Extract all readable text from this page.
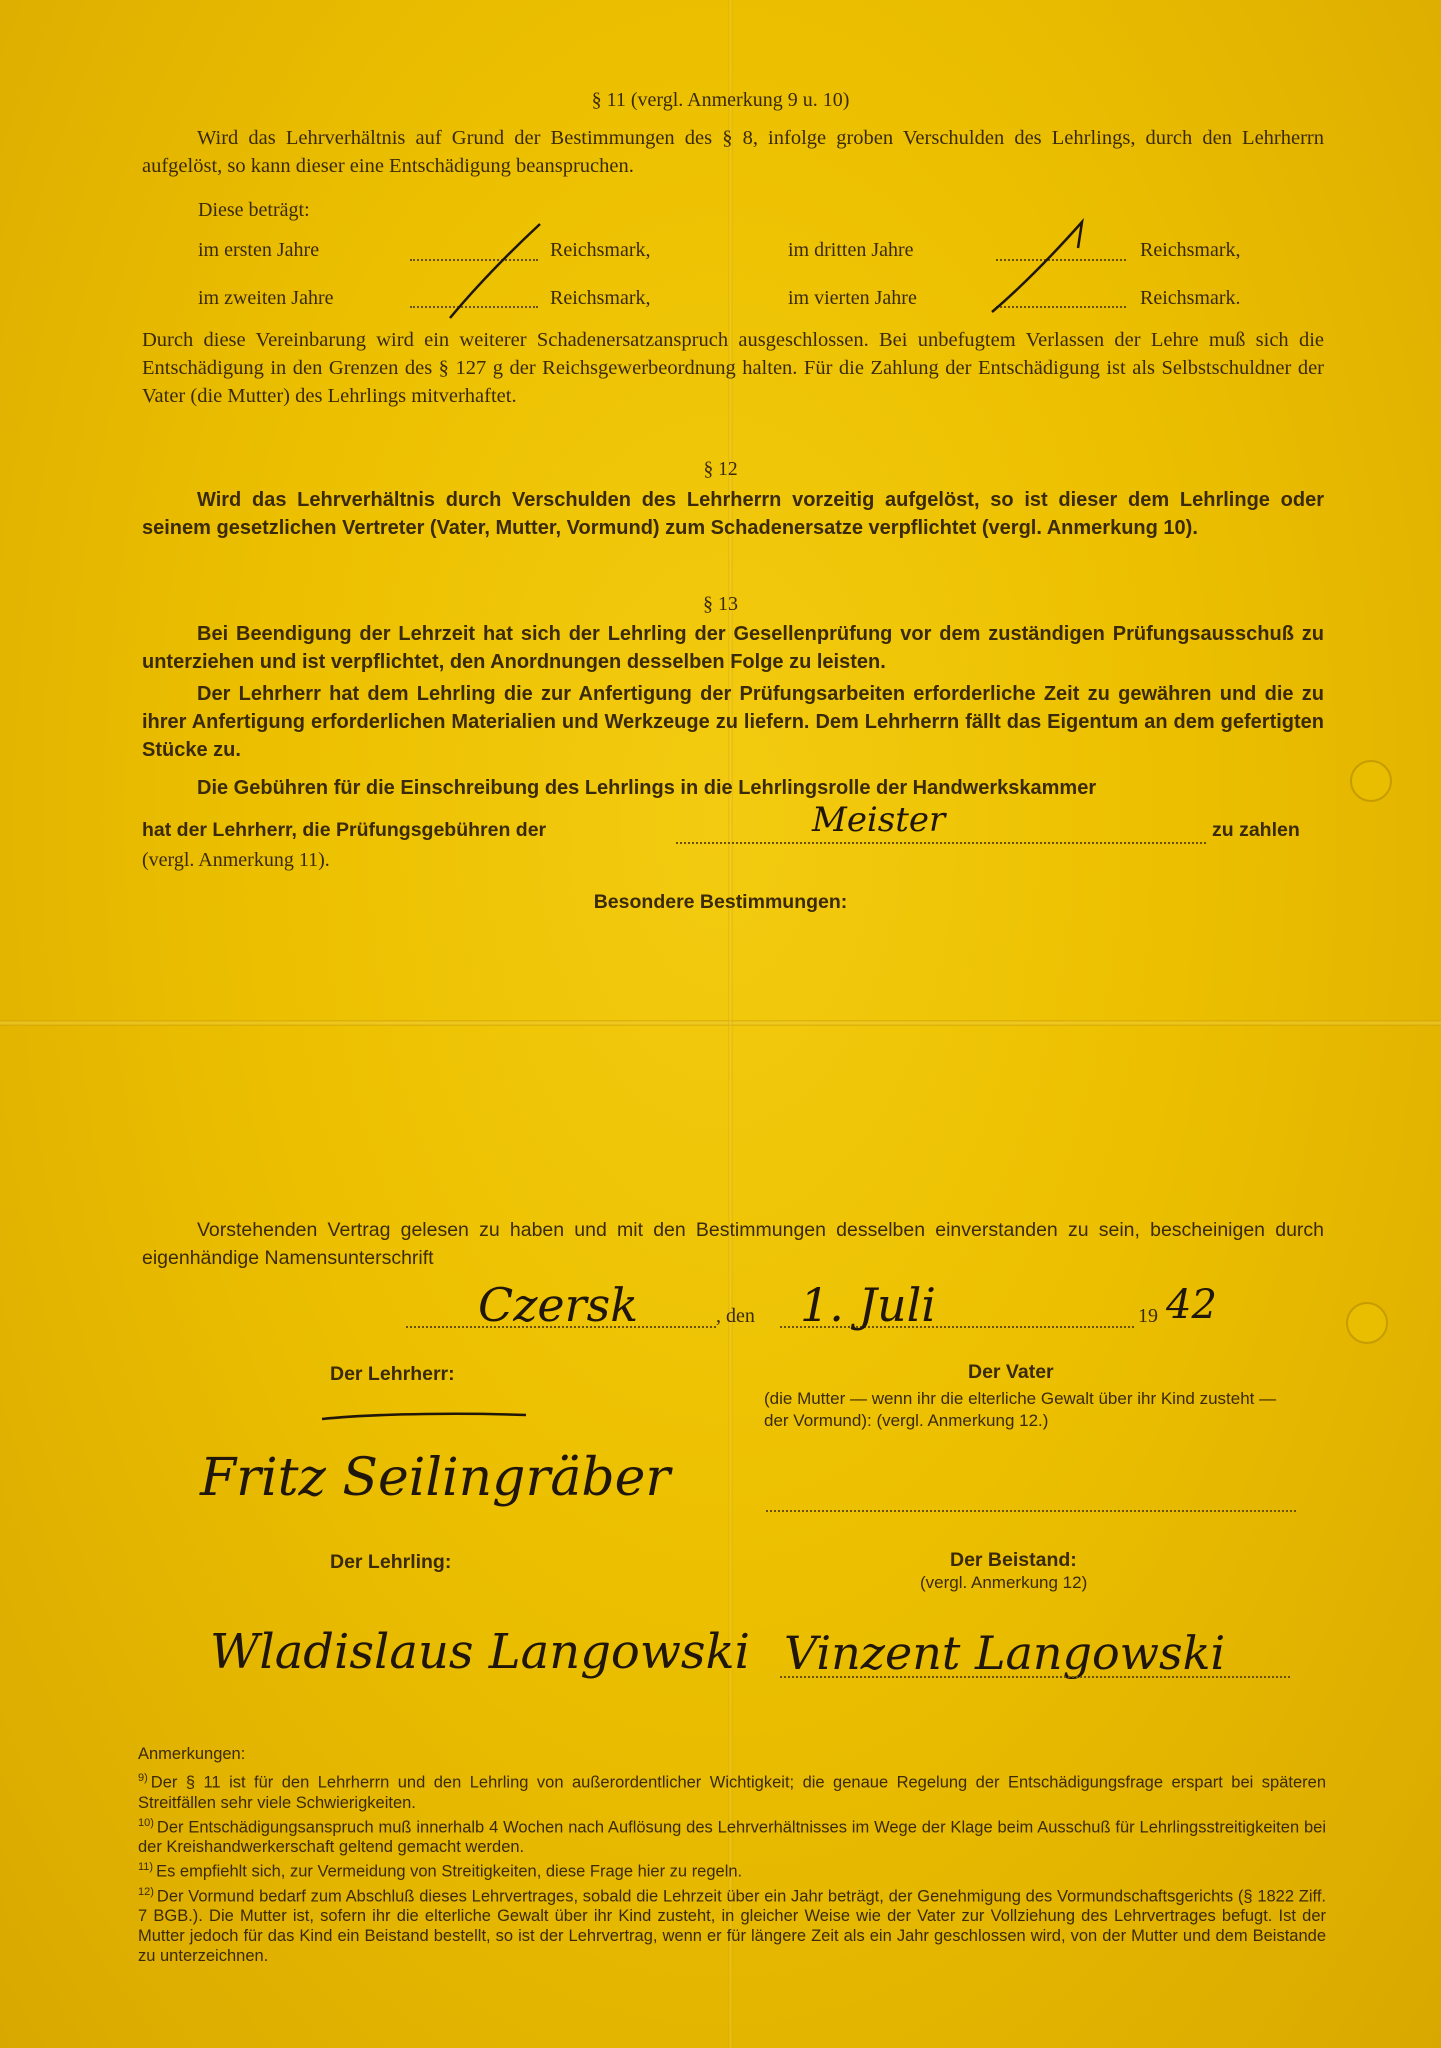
§ 11 (vergl. Anmerkung 9 u. 10)
Wird das Lehrverhältnis auf Grund der Bestimmungen des § 8, infolge groben Verschulden des Lehrlings, durch den Lehrherrn aufgelöst, so kann dieser eine Entschädigung beanspruchen.
Diese beträgt:
im ersten Jahre	Reichsmark,	im dritten Jahre	Reichsmark,
im zweiten Jahre	Reichsmark,	im vierten Jahre	Reichsmark.
Durch diese Vereinbarung wird ein weiterer Schadenersatzanspruch ausgeschlossen. Bei unbefugtem Verlassen der Lehre muß sich die Entschädigung in den Grenzen des § 127 g der Reichsgewerbeordnung halten. Für die Zahlung der Entschädigung ist als Selbstschuldner der Vater (die Mutter) des Lehrlings mitverhaftet.
§ 12
Wird das Lehrverhältnis durch Verschulden des Lehrherrn vorzeitig aufgelöst, so ist dieser dem Lehrlinge oder seinem gesetzlichen Vertreter (Vater, Mutter, Vormund) zum Schadenersatze verpflichtet (vergl. Anmerkung 10).
§ 13
Bei Beendigung der Lehrzeit hat sich der Lehrling der Gesellenprüfung vor dem zuständigen Prüfungsausschuß zu unterziehen und ist verpflichtet, den Anordnungen desselben Folge zu leisten.
Der Lehrherr hat dem Lehrling die zur Anfertigung der Prüfungsarbeiten erforderliche Zeit zu gewähren und die zu ihrer Anfertigung erforderlichen Materialien und Werkzeuge zu liefern. Dem Lehrherrn fällt das Eigentum an dem gefertigten Stücke zu.
Die Gebühren für die Einschreibung des Lehrlings in die Lehrlingsrolle der Handwerkskammer
hat der Lehrherr, die Prüfungsgebühren der	Meister	zu zahlen
(vergl. Anmerkung 11).
Besondere Bestimmungen:
Vorstehenden Vertrag gelesen zu haben und mit den Bestimmungen desselben einverstanden zu sein, bescheinigen durch eigenhändige Namensunterschrift
Czersk	, den 1. Juli	19 42
Der Lehrherr:	Der Vater
(die Mutter — wenn ihr die elterliche Gewalt über ihr Kind zusteht — der Vormund): (vergl. Anmerkung 12.)
Fritz Seilingräber
Der Lehrling:	Der Beistand:
(vergl. Anmerkung 12)
Wladislaus Langowski Vinzent Langowski

Anmerkungen:

$^{9)}$ Der § 11 ist für den Lehrherrn und den Lehrling von außerordentlicher Wichtigkeit; die genaue Regelung der Entschädigungsfrage erspart bei späteren Streitfällen sehr viele Schwierigkeiten.

$^{10)}$ Der Entschädigungsanspruch muß innerhalb 4 Wochen nach Auflösung des Lehrverhältnisses im Wege der Klage beim Ausschuß für Lehrlingsstreitigkeiten bei der Kreishandwerkerschaft geltend gemacht werden.

$^{11)}$ Es empfiehlt sich, zur Vermeidung von Streitigkeiten, diese Frage hier zu regeln.

$^{12)}$ Der Vormund bedarf zum Abschluß dieses Lehrvertrages, sobald die Lehrzeit über ein Jahr beträgt, der Genehmigung des Vormundschaftsgerichts (§ 1822 Ziff. 7 BGB.). Die Mutter ist, sofern ihr die elterliche Gewalt über ihr Kind zusteht, in gleicher Weise wie der Vater zur Vollziehung des Lehrvertrages befugt. Ist der Mutter jedoch für das Kind ein Beistand bestellt, so ist der Lehrvertrag, wenn er für längere Zeit als ein Jahr geschlossen wird, von der Mutter und dem Beistande zu unterzeichnen.
